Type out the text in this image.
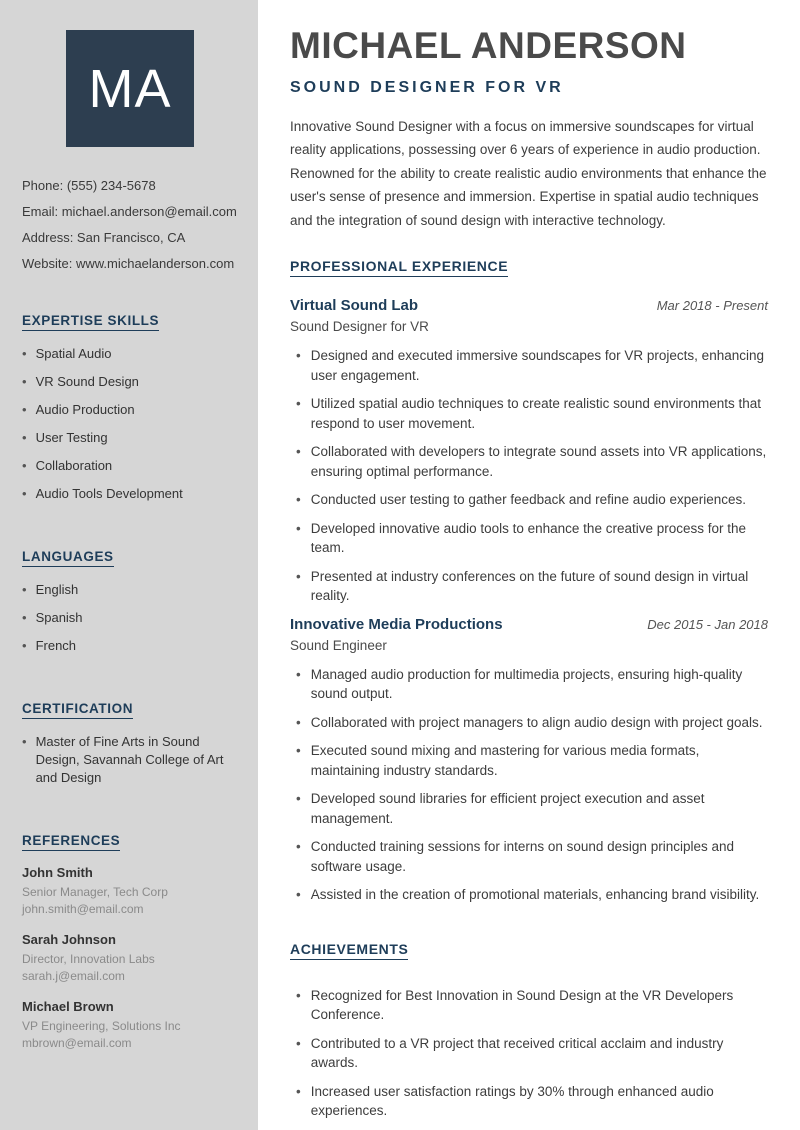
MA
Phone: (555) 234-5678
Email: michael.anderson@email.com
Address: San Francisco, CA
Website: www.michaelanderson.com
EXPERTISE SKILLS
• Spatial Audio
• VR Sound Design
• Audio Production
• User Testing
• Collaboration
• Audio Tools Development
LANGUAGES
• English
• Spanish
• French
CERTIFICATION
• Master of Fine Arts in Sound Design, Savannah College of Art and Design
REFERENCES
John Smith
Senior Manager, Tech Corp
john.smith@email.com
Sarah Johnson
Director, Innovation Labs
sarah.j@email.com
Michael Brown
VP Engineering, Solutions Inc
mbrown@email.com
MICHAEL ANDERSON
SOUND DESIGNER FOR VR

Innovative Sound Designer with a focus on immersive soundscapes for virtual reality applications, possessing over 6 years of experience in audio production. Renowned for the ability to create realistic audio environments that enhance the user's sense of presence and immersion. Expertise in spatial audio techniques and the integration of sound design with interactive technology.

PROFESSIONAL EXPERIENCE
Virtual Sound Lab	Mar 2018 - Present
Sound Designer for VR
• Designed and executed immersive soundscapes for VR projects, enhancing user engagement.
• Utilized spatial audio techniques to create realistic sound environments that respond to user movement.
• Collaborated with developers to integrate sound assets into VR applications, ensuring optimal performance.
• Conducted user testing to gather feedback and refine audio experiences.
• Developed innovative audio tools to enhance the creative process for the team.
• Presented at industry conferences on the future of sound design in virtual reality.
Innovative Media Productions	Dec 2015 - Jan 2018
Sound Engineer
• Managed audio production for multimedia projects, ensuring high-quality sound output.
• Collaborated with project managers to align audio design with project goals.
• Executed sound mixing and mastering for various media formats, maintaining industry standards.
• Developed sound libraries for efficient project execution and asset management.
• Conducted training sessions for interns on sound design principles and software usage.
• Assisted in the creation of promotional materials, enhancing brand visibility.
ACHIEVEMENTS
• Recognized for Best Innovation in Sound Design at the VR Developers Conference.
• Contributed to a VR project that received critical acclaim and industry awards.
• Increased user satisfaction ratings by 30% through enhanced audio experiences.
